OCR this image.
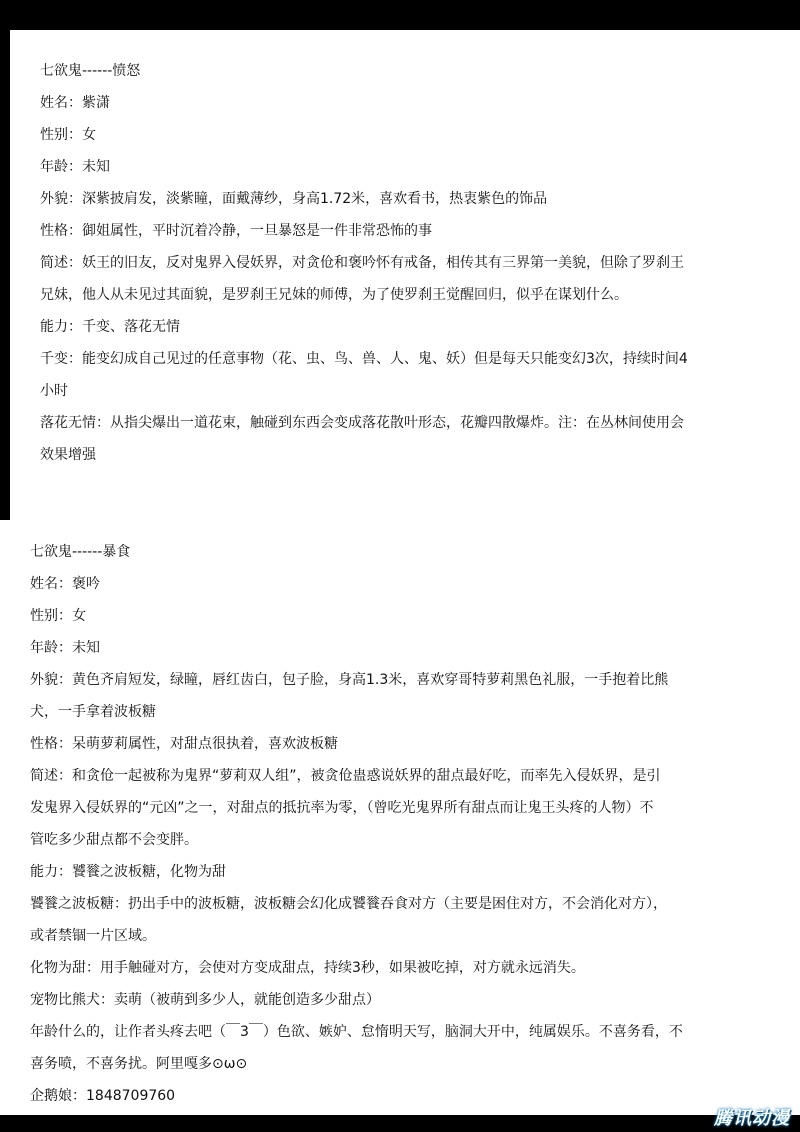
七欲鬼------愤怒
姓名：紫潇
性别：女
年龄：未知
外貌：深紫披肩发，淡紫瞳，面戴薄纱，身高1.72米，喜欢看书，热衷紫色的饰品
性格：御姐属性，平时沉着冷静，一旦暴怒是一件非常恐怖的事
简述：妖王的旧友，反对鬼界入侵妖界，对贪伧和褒吟怀有戒备，相传其有三界第一美貌，但除了罗刹王
兄妹，他人从未见过其面貌，是罗刹王兄妹的师傅，为了使罗刹王觉醒回归，似乎在谋划什么。
能力：千变、落花无情
千变：能变幻成自己见过的任意事物（花、虫、鸟、兽、人、鬼、妖）但是每天只能变幻3次，持续时间4
小时
落花无情：从指尖爆出一道花束，触碰到东西会变成落花散叶形态，花瓣四散爆炸。注：在丛林间使用会
效果增强
七欲鬼------暴食
姓名：褒吟
性别：女
年龄：未知
外貌：黄色齐肩短发，绿瞳，唇红齿白，包子脸，身高1.3米，喜欢穿哥特萝莉黑色礼服，一手抱着比熊
犬，一手拿着波板糖
性格：呆萌萝莉属性，对甜点很执着，喜欢波板糖
简述：和贪伧一起被称为鬼界“萝莉双人组”，被贪伧蛊惑说妖界的甜点最好吃，而率先入侵妖界，是引
发鬼界入侵妖界的“元凶”之一，对甜点的抵抗率为零，（曾吃光鬼界所有甜点而让鬼王头疼的人物）不
管吃多少甜点都不会变胖。
能力：饕餮之波板糖，化物为甜
饕餮之波板糖：扔出手中的波板糖，波板糖会幻化成饕餮吞食对方（主要是困住对方，不会消化对方），
或者禁锢一片区域。
化物为甜：用手触碰对方，会使对方变成甜点，持续3秒，如果被吃掉，对方就永远消失。
宠物比熊犬：卖萌（被萌到多少人，就能创造多少甜点）
年龄什么的，让作者头疼去吧（￣3￣）色欲、嫉妒、怠惰明天写，脑洞大开中，纯属娱乐。不喜务看，不
喜务喷，不喜务扰。阿里嘎多⊙ω⊙
企鹅娘：1848709760
腾讯动漫
